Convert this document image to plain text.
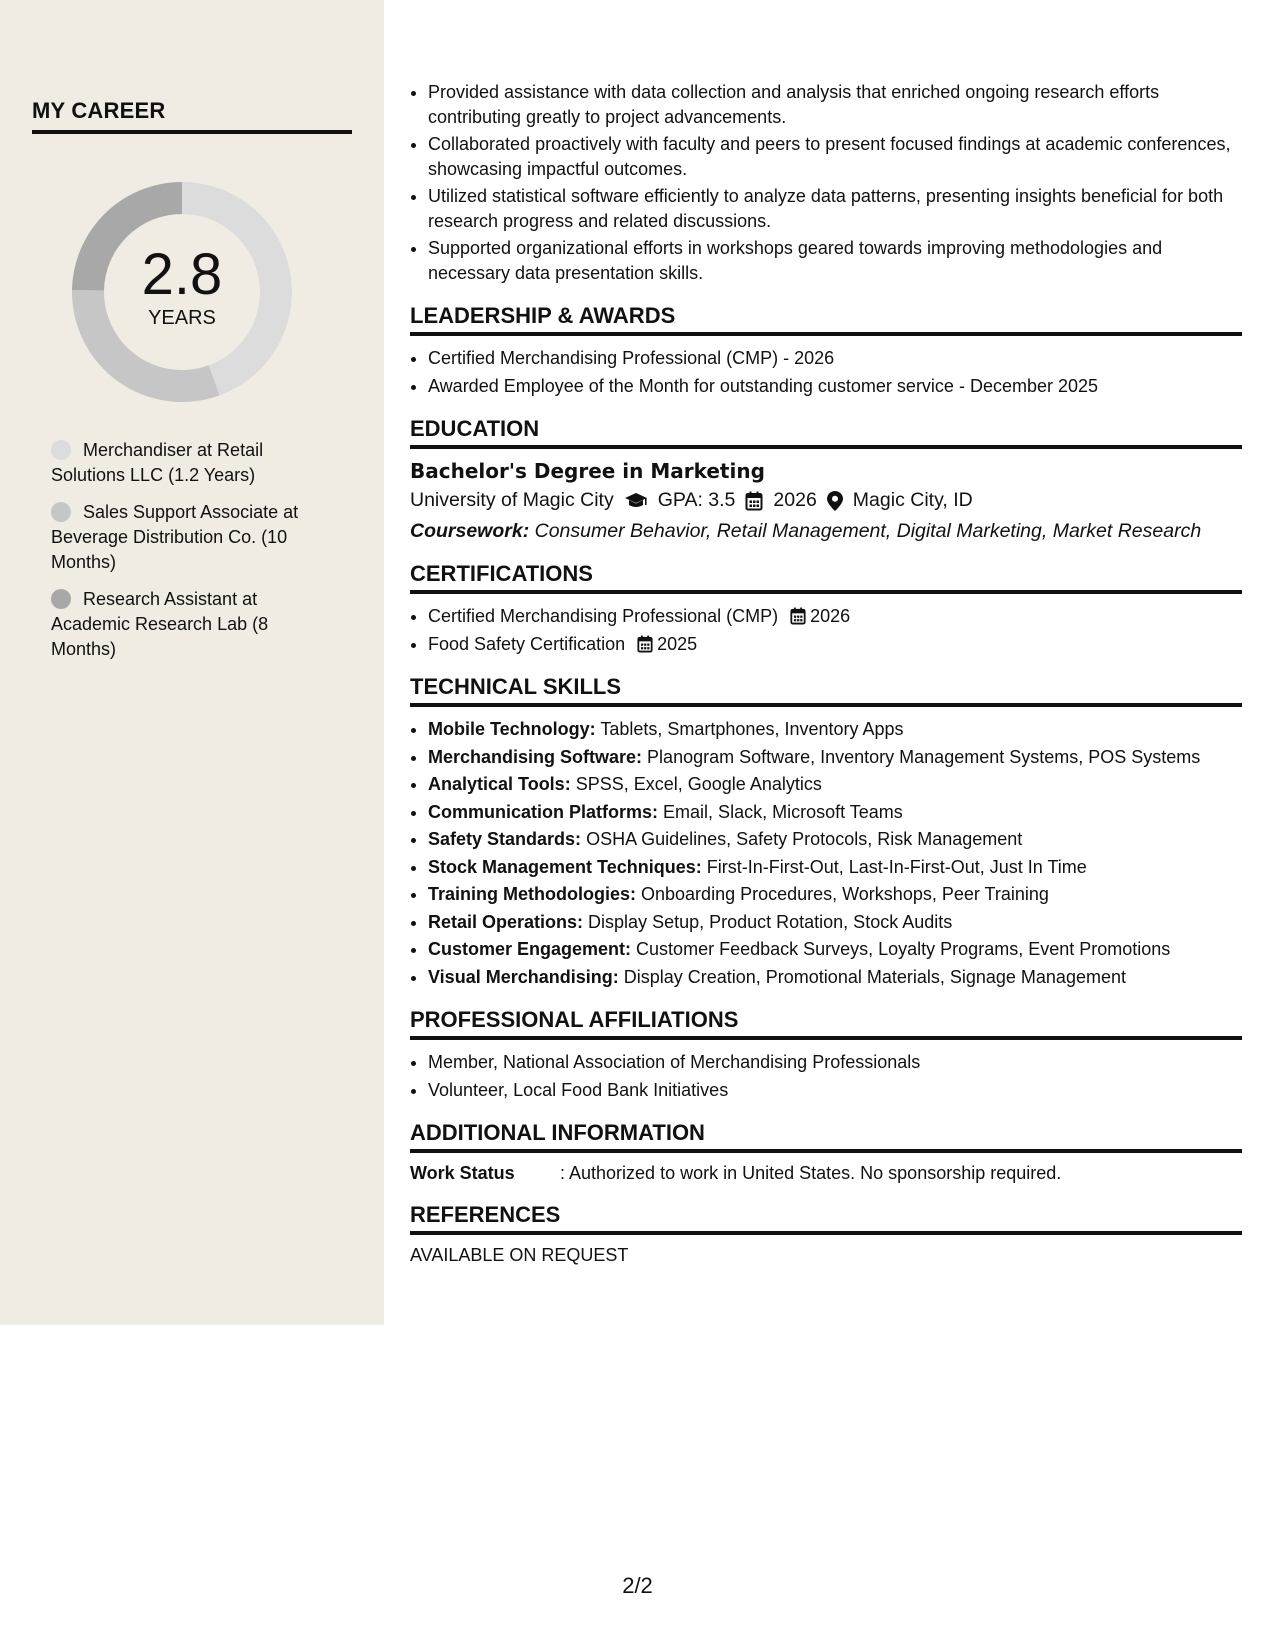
MY CAREER
2.8
YEARS
Merchandiser at Retail Solutions LLC (1.2 Years)
Sales Support Associate at Beverage Distribution Co. (10 Months)
Research Assistant at Academic Research Lab (8 Months)
• Provided assistance with data collection and analysis that enriched ongoing research efforts contributing greatly to project advancements.
• Collaborated proactively with faculty and peers to present focused findings at academic conferences, showcasing impactful outcomes.
• Utilized statistical software efficiently to analyze data patterns, presenting insights beneficial for both research progress and related discussions.
• Supported organizational efforts in workshops geared towards improving methodologies and necessary data presentation skills.
LEADERSHIP & AWARDS
• Certified Merchandising Professional (CMP) - 2026
• Awarded Employee of the Month for outstanding customer service - December 2025
EDUCATION
Bachelor's Degree in Marketing
University of Magic City GPA: 3.5 2026 Magic City, ID
Coursework: Consumer Behavior, Retail Management, Digital Marketing, Market Research
CERTIFICATIONS
• Certified Merchandising Professional (CMP) 2026
• Food Safety Certification 2025
TECHNICAL SKILLS
• Mobile Technology: Tablets, Smartphones, Inventory Apps
• Merchandising Software: Planogram Software, Inventory Management Systems, POS Systems
• Analytical Tools: SPSS, Excel, Google Analytics
• Communication Platforms: Email, Slack, Microsoft Teams
• Safety Standards: OSHA Guidelines, Safety Protocols, Risk Management
• Stock Management Techniques: First-In-First-Out, Last-In-First-Out, Just In Time
• Training Methodologies: Onboarding Procedures, Workshops, Peer Training
• Retail Operations: Display Setup, Product Rotation, Stock Audits
• Customer Engagement: Customer Feedback Surveys, Loyalty Programs, Event Promotions
• Visual Merchandising: Display Creation, Promotional Materials, Signage Management
PROFESSIONAL AFFILIATIONS
• Member, National Association of Merchandising Professionals
• Volunteer, Local Food Bank Initiatives
ADDITIONAL INFORMATION
Work Status	: Authorized to work in United States. No sponsorship required.
REFERENCES
AVAILABLE ON REQUEST
2/2
